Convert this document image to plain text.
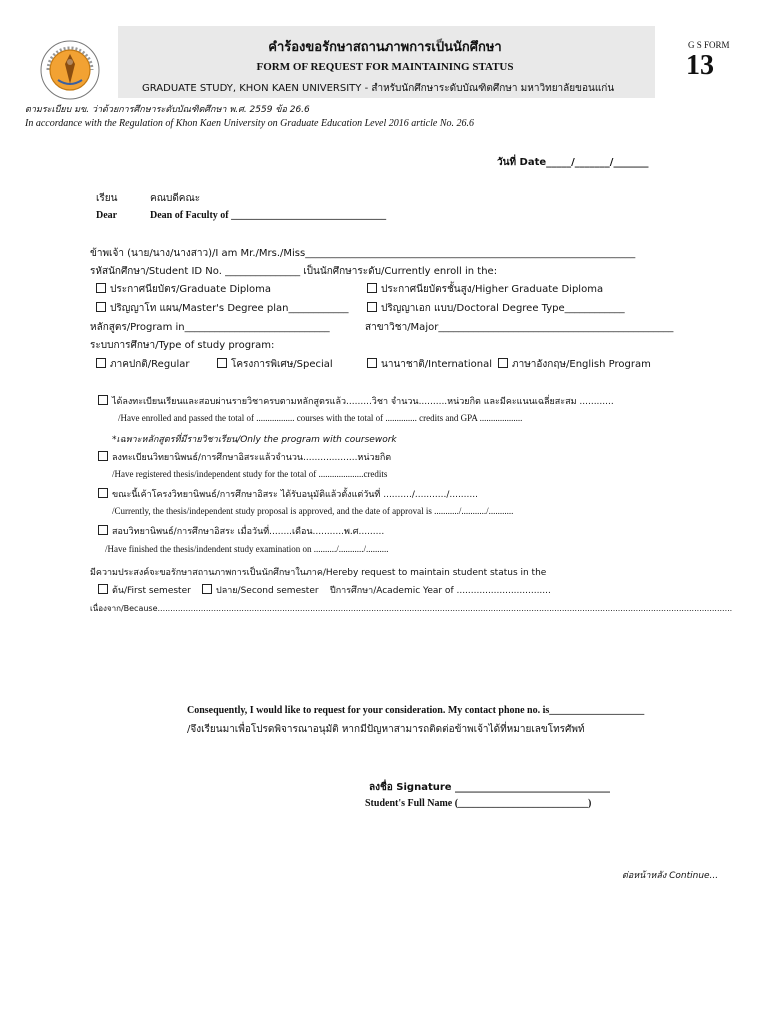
คำร้องขอรักษาสถานภาพการเป็นนักศึกษา
FORM OF REQUEST FOR MAINTAINING STATUS
GRADUATE STUDY, KHON KAEN UNIVERSITY - สำหรับนักศึกษาระดับบัณฑิตศึกษา มหาวิทยาลัยขอนแก่น
G S FORM
13
ตามระเบียบ มข. ว่าด้วยการศึกษาระดับบัณฑิตศึกษา พ.ศ. 2559 ข้อ 26.6
In accordance with the Regulation of Khon Kaen University on Graduate Education Level 2016 article No. 26.6
วันที่ Date_____/_______/_______
เรียน	คณบดีคณะ
Dear	Dean of Faculty of _______________________________
ข้าพเจ้า (นาย/นาง/นางสาว)/I am Mr./Mrs./Miss__________________________________________________________________
รหัสนักศึกษา/Student ID No. _______________ เป็นนักศึกษาระดับ/Currently enroll in the:
ประกาศนียบัตร/Graduate Diploma	ประกาศนียบัตรชั้นสูง/Higher Graduate Diploma
ปริญญาโท แผน/Master's Degree plan____________	ปริญญาเอก แบบ/Doctoral Degree Type____________
หลักสูตร/Program in_____________________________	สาขาวิชา/Major_______________________________________________
ระบบการศึกษา/Type of study program:
ภาคปกติ/Regular	โครงการพิเศษ/Special	นานาชาติ/International	ภาษาอังกฤษ/English Program
ได้ลงทะเบียนเรียนและสอบผ่านรายวิชาครบตามหลักสูตรแล้ว.........วิชา จำนวน..........หน่วยกิต และมีคะแนนเฉลี่ยสะสม ............
/Have enrolled and passed the total of ................. courses with the total of .............. credits and GPA ...................
*เฉพาะหลักสูตรที่มีรายวิชาเรียน/Only the program with coursework
ลงทะเบียนวิทยานิพนธ์/การศึกษาอิสระแล้วจำนวน...................หน่วยกิต
/Have registered thesis/independent study for the total of ....................credits
ขณะนี้เค้าโครงวิทยานิพนธ์/การศึกษาอิสระ ได้รับอนุมัติแล้วตั้งแต่วันที่ ........../.........../..........
/Currently, the thesis/independent study proposal is approved, and the date of approval is .........../.........../...........
สอบวิทยานิพนธ์/การศึกษาอิสระ เมื่อวันที่........เดือน...........พ.ศ.........
/Have finished the thesis/indendent study examination on ........../.........../..........
มีความประสงค์จะขอรักษาสถานภาพการเป็นนักศึกษาในภาค/Hereby request to maintain student status in the
ต้น/First semester	ปลาย/Second semester ปีการศึกษา/Academic Year of .................................
เนื่องจาก/Because..................................................................................................................................................................................................................................
Consequently, I would like to request for your consideration. My contact phone no. is___________________
/จึงเรียนมาเพื่อโปรดพิจารณาอนุมัติ หากมีปัญหาสามารถติดต่อข้าพเจ้าได้ที่หมายเลขโทรศัพท์
ลงชื่อ Signature _______________________________
Student's Full Name (__________________________)
ต่อหน้าหลัง Continue...
